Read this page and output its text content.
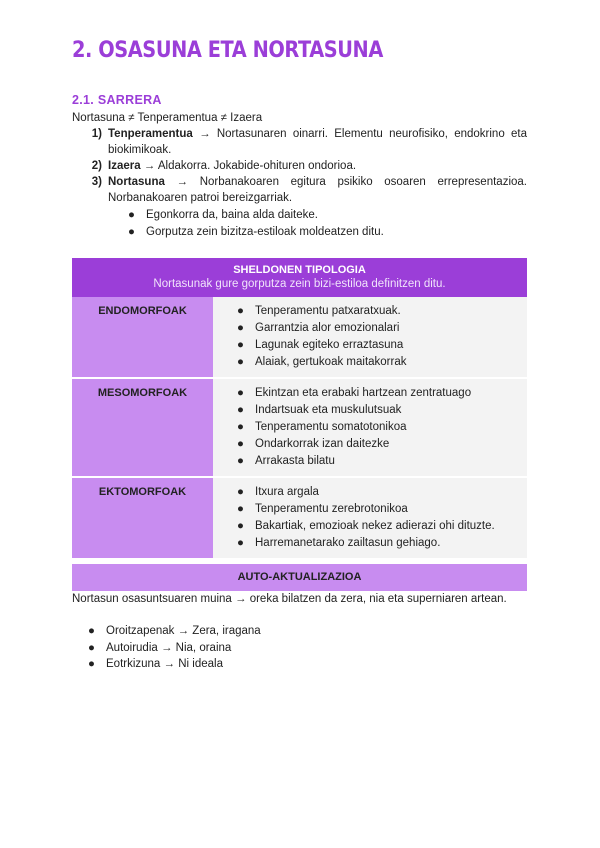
2. OSASUNA ETA NORTASUNA
2.1. SARRERA
Nortasuna ≠ Tenperamentua ≠ Izaera
1) Tenperamentua → Nortasunaren oinarri. Elementu neurofisiko, endokrino eta biokimikoak.
2) Izaera → Aldakorra. Jokabide-ohituren ondorioa.
3) Nortasuna → Norbanakoaren egitura psikiko osoaren errepresentazioa. Norbanakoaren patroi bereizgarriak.
● Egonkorra da, baina alda daiteke.
● Gorputza zein bizitza-estiloak moldeatzen ditu.
SHELDONEN TIPOLOGIA
Nortasunak gure gorputza zein bizi-estiloa definitzen ditu.	

ENDOMORFOAK	● Tenperamentu patxaratxuak.
● Garrantzia alor emozionalari
● Lagunak egiteko erraztasuna
● Alaiak, gertukoak maitakorrak

MESOMORFOAK	● Ekintzan eta erabaki hartzean zentratuago
● Indartsuak eta muskulutsuak
● Tenperamentu somatotonikoa
● Ondarkorrak izan daitezke
● Arrakasta bilatu

EKTOMORFOAK	● Itxura argala
● Tenperamentu zerebrotonikoa
● Bakartiak, emozioak nekez adierazi ohi dituzte.
● Harremanetarako zailtasun gehiago.
AUTO-AKTUALIZAZIOA
Nortasun osasuntsuaren muina → oreka bilatzen da zera, nia eta superniaren artean.
● Oroitzapenak → Zera, iragana
● Autoirudia → Nia, oraina
● Eotrkizuna → Ni ideala
